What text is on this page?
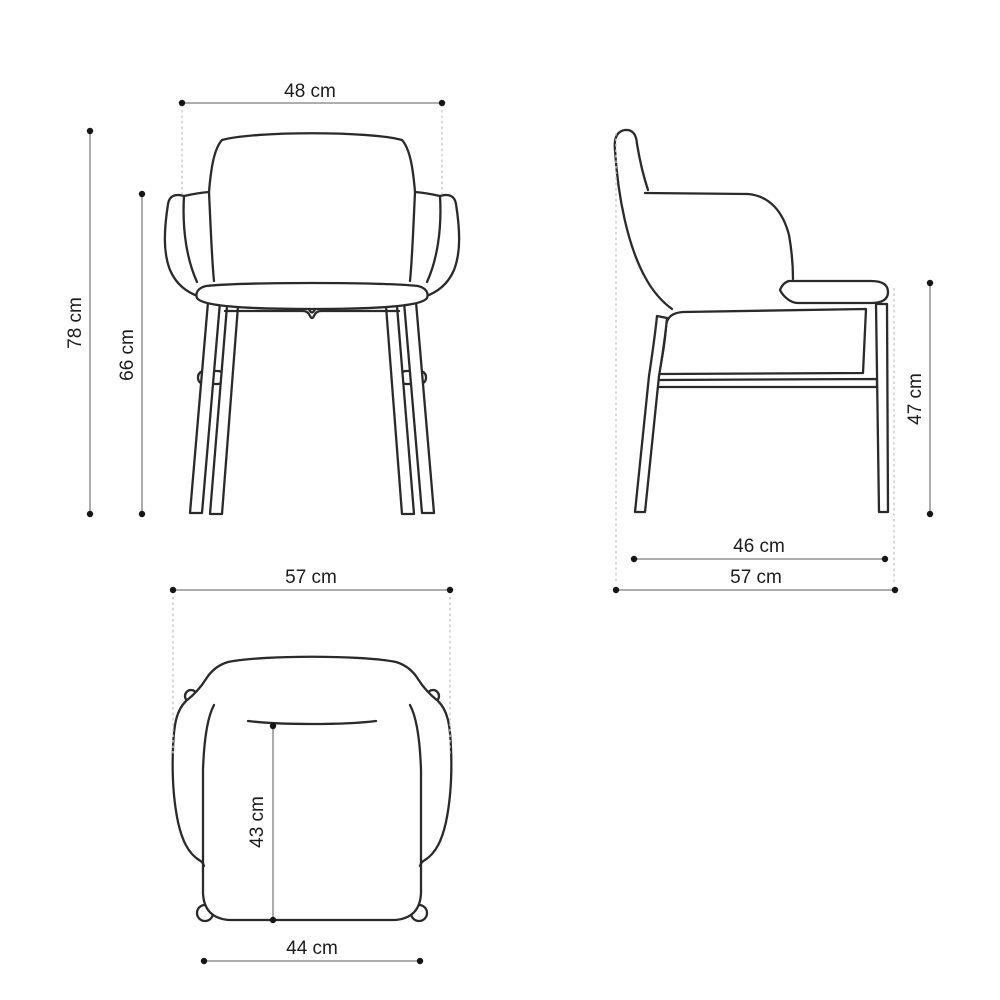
48 cm
78 cm
66 cm
47 cm
46 cm
57 cm
57 cm
43 cm
44 cm
